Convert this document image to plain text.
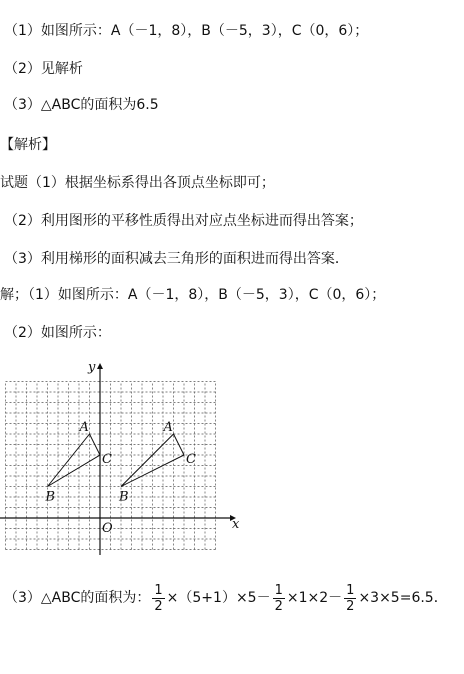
（1）如图所示：A（－1，8），B（－5，3），C（0，6）；
（2）见解析
（3）△ABC的面积为6.5
【解析】
试题（1）根据坐标系得出各顶点坐标即可；
（2）利用图形的平移性质得出对应点坐标进而得出答案；
（3）利用梯形的面积减去三角形的面积进而得出答案．
解；（1）如图所示：A（－1，8），B（－5，3），C（0，6）；
（2）如图所示：
x
y
O
A
B
C
A
B
C
（3）△ABC的面积为： $\frac{1}{2} \times(5+1)\times 5- \frac{1}{2} \times 1\times 2- \frac{1}{2} \times 3\times 5=6.5$．
